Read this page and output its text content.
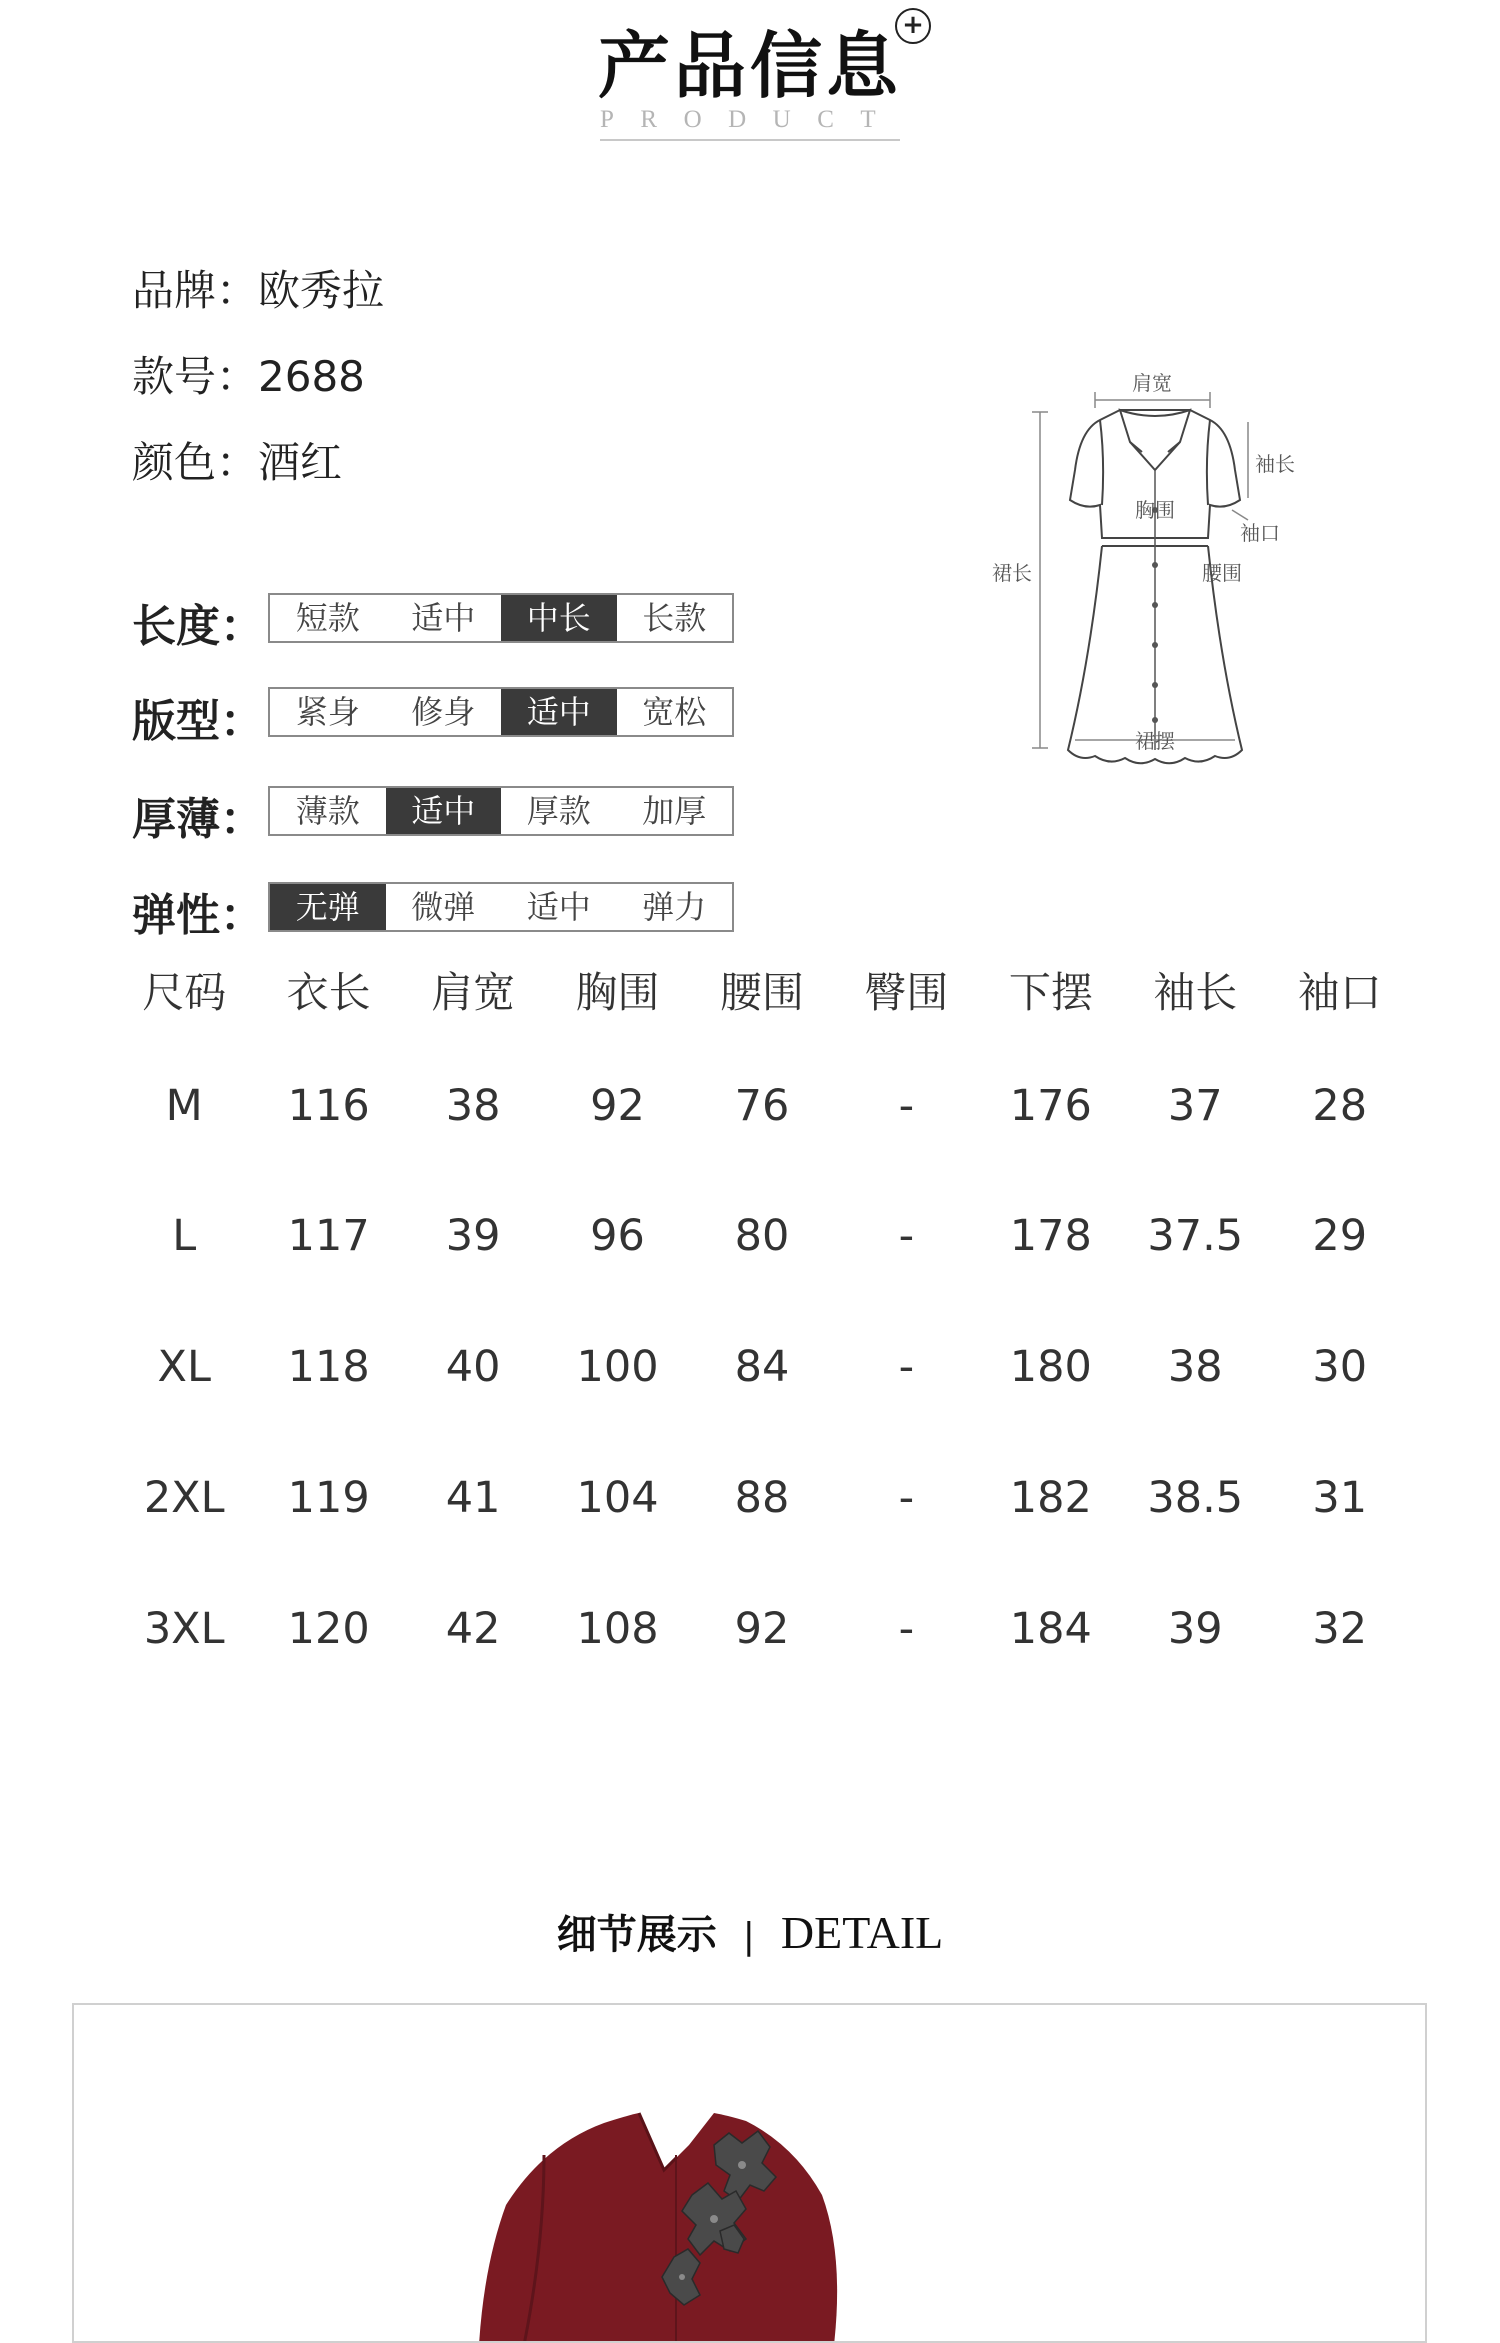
产品信息 +
PRODUCT
品牌：欧秀拉
款号：2688
颜色：酒红
长度： 短款	适中	中长	长款
版型： 紧身	修身	适中	宽松
厚薄： 薄款	适中	厚款	加厚
弹性： 无弹	微弹	适中	弹力
肩宽
袖长
胸围
袖口
腰围
裙长
裙摆
尺码	衣长	肩宽	胸围	腰围	臀围	下摆	袖长	袖口
M	116	38	92	76	-	176	37	28
L	117	39	96	80	-	178	37.5	29
XL	118	40	100	84	-	180	38	30
2XL	119	41	104	88	-	182	38.5	31
3XL	120	42	108	92	-	184	39	32
细节展示 | DETAIL
